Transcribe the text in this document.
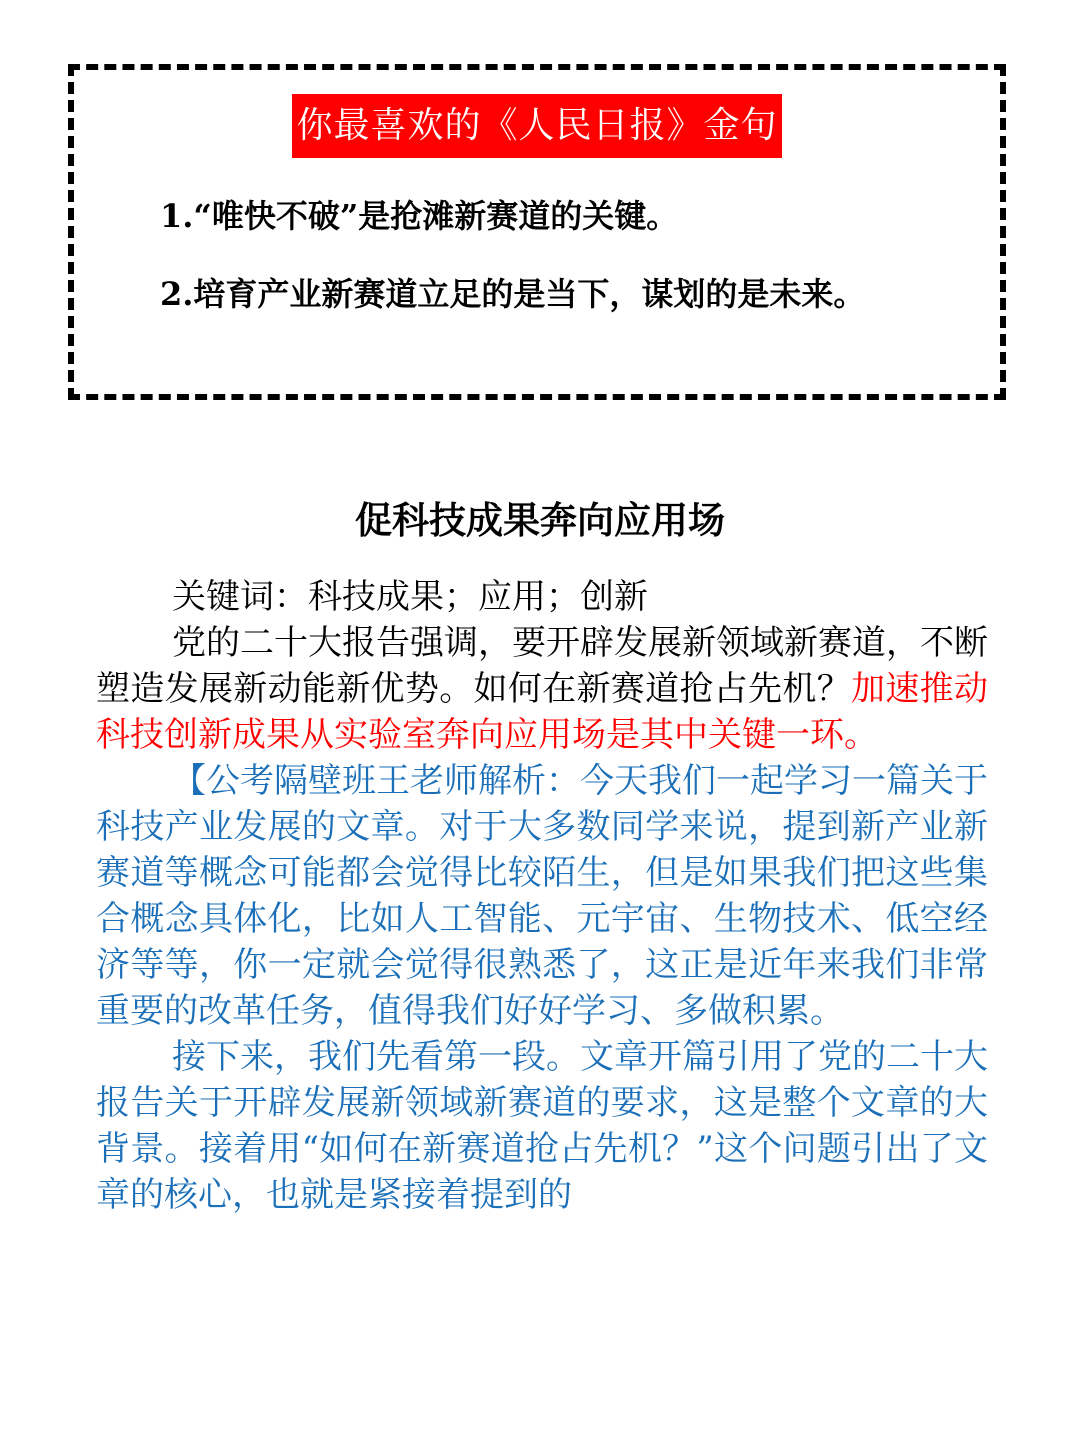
你最喜欢的《人民日报》金句
1.“唯快不破”是抢滩新赛道的关键。
2.培育产业新赛道立足的是当下，谋划的是未来。
促科技成果奔向应用场

关键词：科技成果；应用；创新

党的二十大报告强调，要开辟发展新领域新赛道，不断塑造发展新动能新优势。如何在新赛道抢占先机？加速推动科技创新成果从实验室奔向应用场是其中关键一环。

【公考隔壁班王老师解析：今天我们一起学习一篇关于科技产业发展的文章。对于大多数同学来说，提到新产业新赛道等概念可能都会觉得比较陌生，但是如果我们把这些集合概念具体化，比如人工智能、元宇宙、生物技术、低空经济等等，你一定就会觉得很熟悉了，这正是近年来我们非常重要的改革任务，值得我们好好学习、多做积累。

接下来，我们先看第一段。文章开篇引用了党的二十大报告关于开辟发展新领域新赛道的要求，这是整个文章的大背景。接着用“如何在新赛道抢占先机？”这个问题引出了文章的核心，也就是紧接着提到的
